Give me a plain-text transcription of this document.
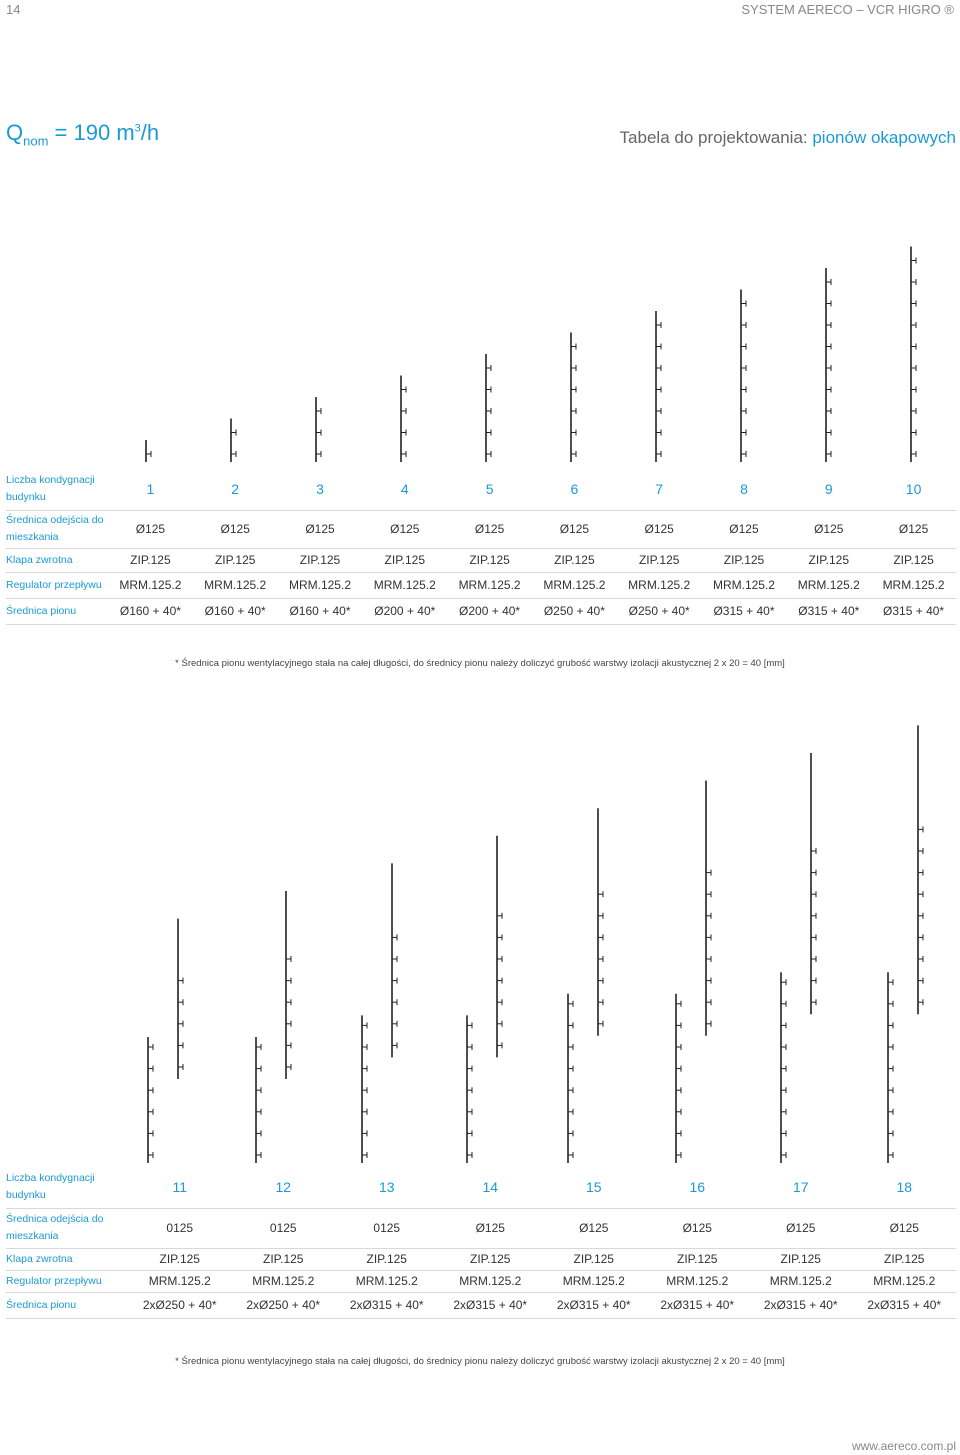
14	SYSTEM AERECO – VCR HIGRO ®
$Q_{nom} = 190$ $m^3/h$	Tabela do projektowania: pionów okapowych
Liczba kondygnacji budynku	1	2	3	4	5	6	7	8	9	10
Średnica odejścia do mieszkania	Ø125	Ø125	Ø125	Ø125	Ø125	Ø125	Ø125	Ø125	Ø125	Ø125
Klapa zwrotna	ZIP.125	ZIP.125	ZIP.125	ZIP.125	ZIP.125	ZIP.125	ZIP.125	ZIP.125	ZIP.125	ZIP.125
Regulator przepływu	MRM.125.2	MRM.125.2	MRM.125.2	MRM.125.2	MRM.125.2	MRM.125.2	MRM.125.2	MRM.125.2	MRM.125.2	MRM.125.2
Średnica pionu	Ø160 + 40*	Ø160 + 40*	Ø160 + 40*	Ø200 + 40*	Ø200 + 40*	Ø250 + 40*	Ø250 + 40*	Ø315 + 40*	Ø315 + 40*	Ø315 + 40*
* Średnica pionu wentylacyjnego stała na całej długości, do średnicy pionu należy doliczyć grubość warstwy izolacji akustycznej 2 x 20 = 40 [mm]
Liczba kondygnacji budynku	11	12	13	14	15	16	17	18
Średnica odejścia do mieszkania	0125	0125	0125	Ø125	Ø125	Ø125	Ø125	Ø125
Klapa zwrotna	ZIP.125	ZIP.125	ZIP.125	ZIP.125	ZIP.125	ZIP.125	ZIP.125	ZIP.125
Regulator przepływu	MRM.125.2	MRM.125.2	MRM.125.2	MRM.125.2	MRM.125.2	MRM.125.2	MRM.125.2	MRM.125.2
Średnica pionu	2xØ250 + 40*	2xØ250 + 40*	2xØ315 + 40*	2xØ315 + 40*	2xØ315 + 40*	2xØ315 + 40*	2xØ315 + 40*	2xØ315 + 40*
* Średnica pionu wentylacyjnego stała na całej długości, do średnicy pionu należy doliczyć grubość warstwy izolacji akustycznej 2 x 20 = 40 [mm]
www.aereco.com.pl
